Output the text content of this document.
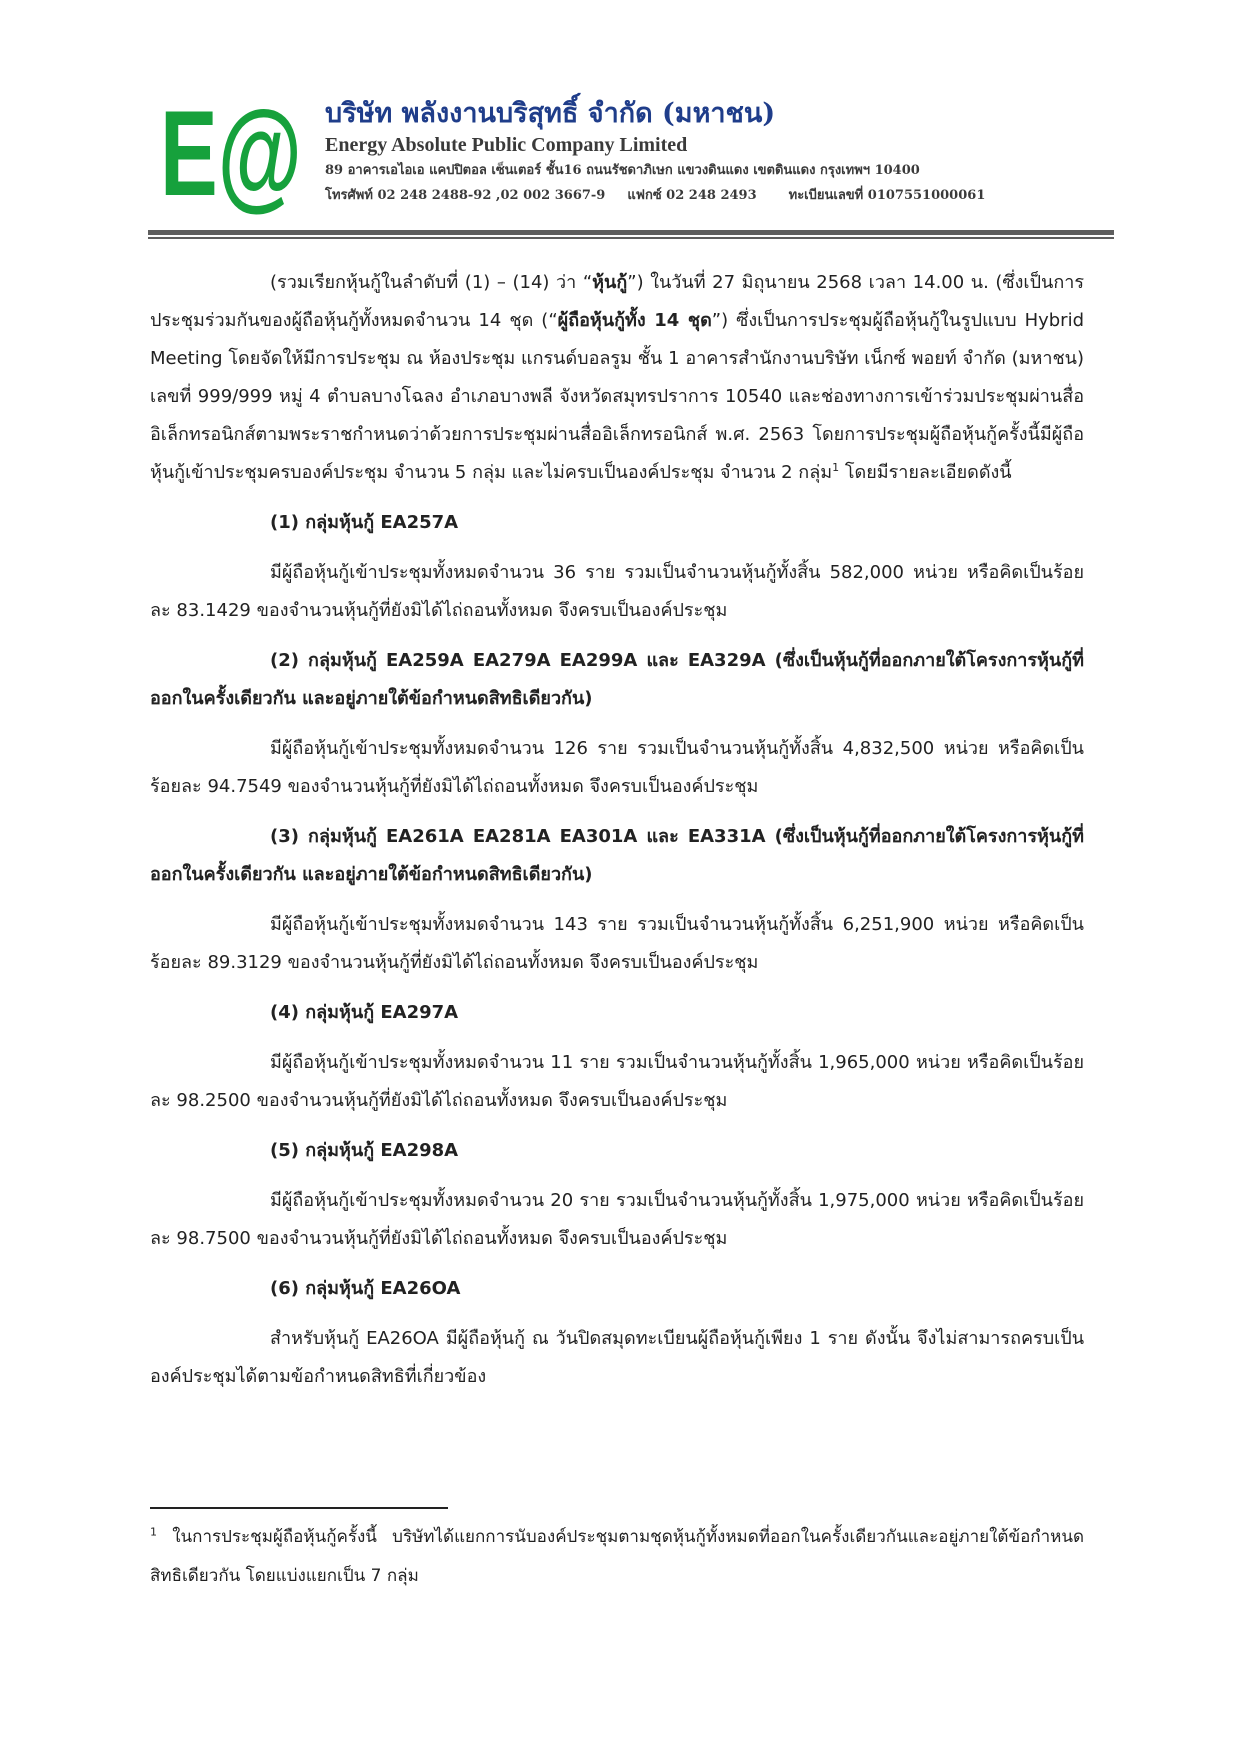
E@ บริษัท พลังงานบริสุทธิ์ จำกัด (มหาชน)
Energy Absolute Public Company Limited
89 อาคารเอไอเอ แคปปิตอล เซ็นเตอร์ ชั้น16 ถนนรัชดาภิเษก แขวงดินแดง เขตดินแดง กรุงเทพฯ 10400
โทรศัพท์ 02 248 2488-92 ,02 002 3667-9 แฟกซ์ 02 248 2493 ทะเบียนเลขที่ 0107551000061

(รวมเรียกหุ้นกู้ในลำดับที่ (1) – (14) ว่า “หุ้นกู้”) ในวันที่ 27 มิถุนายน 2568 เวลา 14.00 น. (ซึ่งเป็นการประชุมร่วมกันของผู้ถือหุ้นกู้ทั้งหมดจำนวน 14 ชุด (“ผู้ถือหุ้นกู้ทั้ง 14 ชุด”) ซึ่งเป็นการประชุมผู้ถือหุ้นกู้ในรูปแบบ Hybrid Meeting โดยจัดให้มีการประชุม ณ ห้องประชุม แกรนด์บอลรูม ชั้น 1 อาคารสำนักงานบริษัท เน็กซ์ พอยท์ จำกัด (มหาชน) เลขที่ 999/999 หมู่ 4 ตำบลบางโฉลง อำเภอบางพลี จังหวัดสมุทรปราการ 10540 และช่องทางการเข้าร่วมประชุมผ่านสื่ออิเล็กทรอนิกส์ตามพระราชกำหนดว่าด้วยการประชุมผ่านสื่ออิเล็กทรอนิกส์ พ.ศ. 2563 โดยการประชุมผู้ถือหุ้นกู้ครั้งนี้มีผู้ถือหุ้นกู้เข้าประชุมครบองค์ประชุม จำนวน 5 กลุ่ม และไม่ครบเป็นองค์ประชุม จำนวน 2 กลุ่ม$^1$ โดยมีรายละเอียดดังนี้

(1) กลุ่มหุ้นกู้ EA257A

มีผู้ถือหุ้นกู้เข้าประชุมทั้งหมดจำนวน 36 ราย รวมเป็นจำนวนหุ้นกู้ทั้งสิ้น 582,000 หน่วย หรือคิดเป็นร้อยละ 83.1429 ของจำนวนหุ้นกู้ที่ยังมิได้ไถ่ถอนทั้งหมด จึงครบเป็นองค์ประชุม

(2) กลุ่มหุ้นกู้ EA259A EA279A EA299A และ EA329A (ซึ่งเป็นหุ้นกู้ที่ออกภายใต้โครงการหุ้นกู้ที่ออกในครั้งเดียวกัน และอยู่ภายใต้ข้อกำหนดสิทธิเดียวกัน)

มีผู้ถือหุ้นกู้เข้าประชุมทั้งหมดจำนวน 126 ราย รวมเป็นจำนวนหุ้นกู้ทั้งสิ้น 4,832,500 หน่วย หรือคิดเป็นร้อยละ 94.7549 ของจำนวนหุ้นกู้ที่ยังมิได้ไถ่ถอนทั้งหมด จึงครบเป็นองค์ประชุม

(3) กลุ่มหุ้นกู้ EA261A EA281A EA301A และ EA331A (ซึ่งเป็นหุ้นกู้ที่ออกภายใต้โครงการหุ้นกู้ที่ออกในครั้งเดียวกัน และอยู่ภายใต้ข้อกำหนดสิทธิเดียวกัน)

มีผู้ถือหุ้นกู้เข้าประชุมทั้งหมดจำนวน 143 ราย รวมเป็นจำนวนหุ้นกู้ทั้งสิ้น 6,251,900 หน่วย หรือคิดเป็นร้อยละ 89.3129 ของจำนวนหุ้นกู้ที่ยังมิได้ไถ่ถอนทั้งหมด จึงครบเป็นองค์ประชุม

(4) กลุ่มหุ้นกู้ EA297A

มีผู้ถือหุ้นกู้เข้าประชุมทั้งหมดจำนวน 11 ราย รวมเป็นจำนวนหุ้นกู้ทั้งสิ้น 1,965,000 หน่วย หรือคิดเป็นร้อยละ 98.2500 ของจำนวนหุ้นกู้ที่ยังมิได้ไถ่ถอนทั้งหมด จึงครบเป็นองค์ประชุม

(5) กลุ่มหุ้นกู้ EA298A

มีผู้ถือหุ้นกู้เข้าประชุมทั้งหมดจำนวน 20 ราย รวมเป็นจำนวนหุ้นกู้ทั้งสิ้น 1,975,000 หน่วย หรือคิดเป็นร้อยละ 98.7500 ของจำนวนหุ้นกู้ที่ยังมิได้ไถ่ถอนทั้งหมด จึงครบเป็นองค์ประชุม

(6) กลุ่มหุ้นกู้ EA26OA

สำหรับหุ้นกู้ EA26OA มีผู้ถือหุ้นกู้ ณ วันปิดสมุดทะเบียนผู้ถือหุ้นกู้เพียง 1 ราย ดังนั้น จึงไม่สามารถครบเป็นองค์ประชุมได้ตามข้อกำหนดสิทธิที่เกี่ยวข้อง

$^1$ ในการประชุมผู้ถือหุ้นกู้ครั้งนี้ บริษัทได้แยกการนับองค์ประชุมตามชุดหุ้นกู้ทั้งหมดที่ออกในครั้งเดียวกันและอยู่ภายใต้ข้อกำหนดสิทธิเดียวกัน โดยแบ่งแยกเป็น 7 กลุ่ม
